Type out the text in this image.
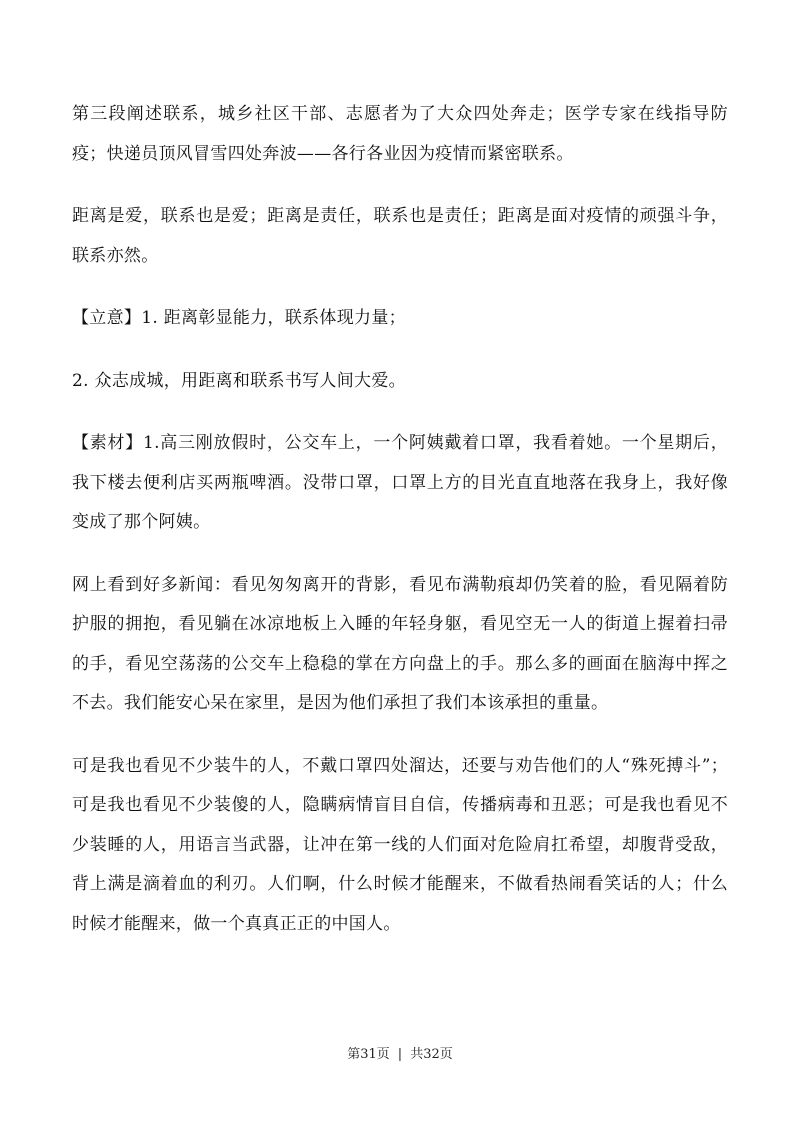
第三段阐述联系，城乡社区干部、志愿者为了大众四处奔走；医学专家在线指导防疫；快递员顶风冒雪四处奔波——各行各业因为疫情而紧密联系。

距离是爱，联系也是爱；距离是责任，联系也是责任；距离是面对疫情的顽强斗争，联系亦然。

【立意】1. 距离彰显能力，联系体现力量；

2. 众志成城，用距离和联系书写人间大爱。

【素材】1.高三刚放假时，公交车上，一个阿姨戴着口罩，我看着她。一个星期后，我下楼去便利店买两瓶啤酒。没带口罩，口罩上方的目光直直地落在我身上，我好像变成了那个阿姨。

网上看到好多新闻：看见匆匆离开的背影，看见布满勒痕却仍笑着的脸，看见隔着防护服的拥抱，看见躺在冰凉地板上入睡的年轻身躯，看见空无一人的街道上握着扫帚的手，看见空荡荡的公交车上稳稳的掌在方向盘上的手。那么多的画面在脑海中挥之不去。我们能安心呆在家里，是因为他们承担了我们本该承担的重量。

可是我也看见不少装牛的人，不戴口罩四处溜达，还要与劝告他们的人“殊死搏斗”；可是我也看见不少装傻的人，隐瞒病情盲目自信，传播病毒和丑恶；可是我也看见不少装睡的人，用语言当武器，让冲在第一线的人们面对危险肩扛希望，却腹背受敌，背上满是滴着血的利刃。人们啊，什么时候才能醒来，不做看热闹看笑话的人；什么时候才能醒来，做一个真真正正的中国人。

第31页 | 共32页
